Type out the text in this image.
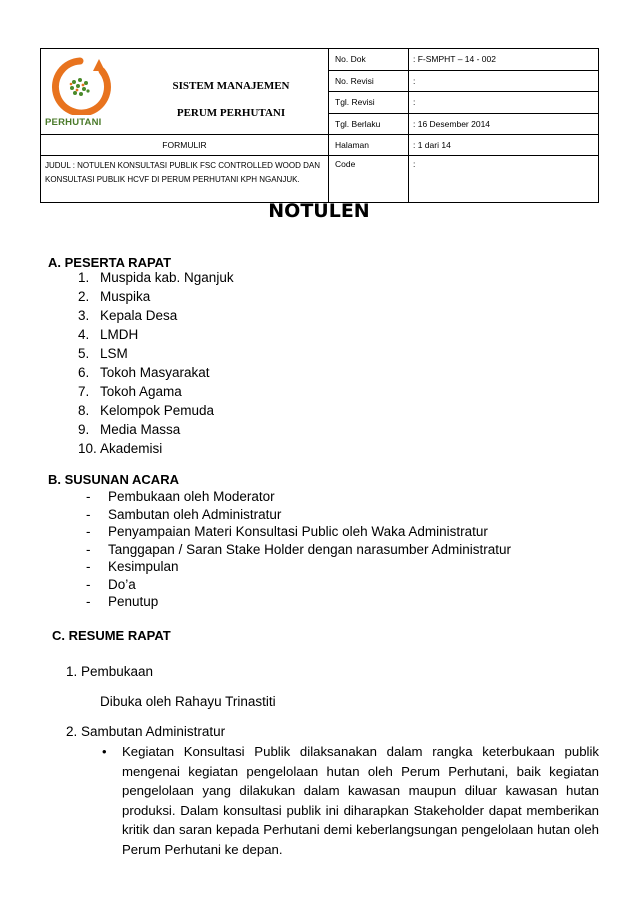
PERHUTANI
SISTEM MANAJEMEN
PERUM PERHUTANI	No. Dok	: F-SMPHT – 14 - 002
	No. Revisi	:
	Tgl. Revisi	:
	Tgl. Berlaku	: 16 Desember 2014
FORMULIR	Halaman	: 1 dari 14
JUDUL : NOTULEN KONSULTASI PUBLIK FSC CONTROLLED WOOD DAN KONSULTASI PUBLIK HCVF DI PERUM PERHUTANI KPH NGANJUK.	Code	:
NOTULEN
A. PESERTA RAPAT
1. Muspida kab. Nganjuk
2. Muspika
3. Kepala Desa
4. LMDH
5. LSM
6. Tokoh Masyarakat
7. Tokoh Agama
8. Kelompok Pemuda
9. Media Massa
10. Akademisi
B. SUSUNAN ACARA
- Pembukaan oleh Moderator
- Sambutan oleh Administratur
- Penyampaian Materi Konsultasi Public oleh Waka Administratur
- Tanggapan / Saran Stake Holder dengan narasumber Administratur
- Kesimpulan
- Do’a
- Penutup
C. RESUME RAPAT
1. Pembukaan
Dibuka oleh Rahayu Trinastiti
2. Sambutan Administratur
• Kegiatan Konsultasi Publik dilaksanakan dalam rangka keterbukaan publik mengenai kegiatan pengelolaan hutan oleh Perum Perhutani, baik kegiatan pengelolaan yang dilakukan dalam kawasan maupun diluar kawasan hutan produksi. Dalam konsultasi publik ini diharapkan Stakeholder dapat memberikan kritik dan saran kepada Perhutani demi keberlangsungan pengelolaan hutan oleh Perum Perhutani ke depan.
